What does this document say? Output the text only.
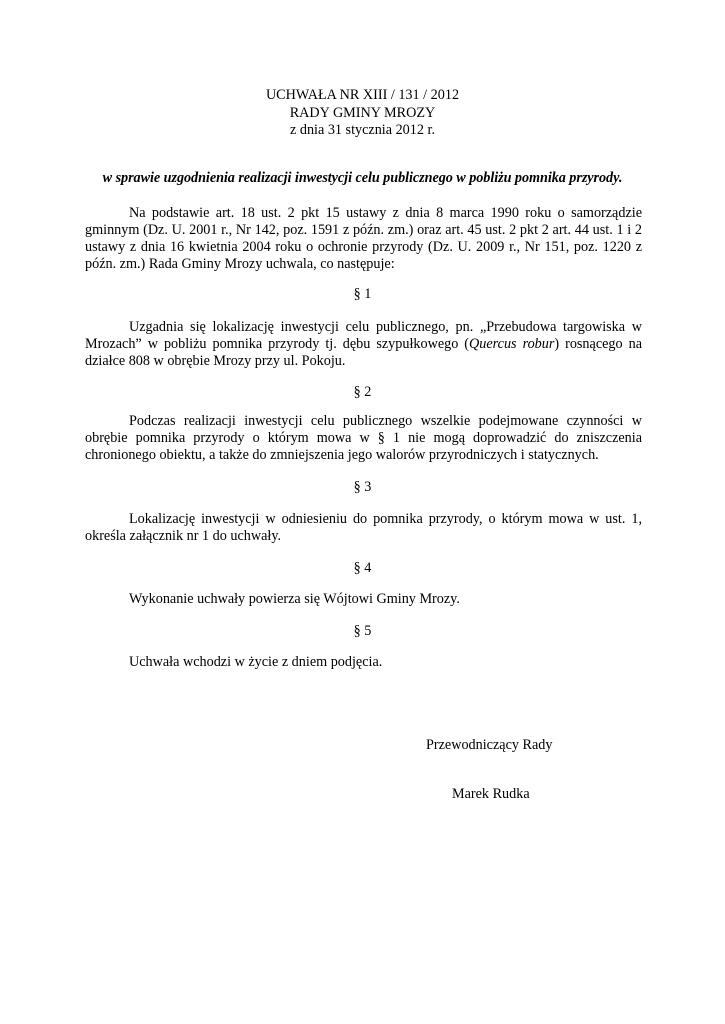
UCHWAŁA NR XIII / 131 / 2012
RADY GMINY MROZY
z dnia 31 stycznia 2012 r.
w sprawie uzgodnienia realizacji inwestycji celu publicznego w pobliżu pomnika przyrody.
Na podstawie art. 18 ust. 2 pkt 15 ustawy z dnia 8 marca 1990 roku o samorządzie gminnym (Dz. U. 2001 r., Nr 142, poz. 1591 z późn. zm.) oraz art. 45 ust. 2 pkt 2 art. 44 ust. 1 i 2 ustawy z dnia 16 kwietnia 2004 roku o ochronie przyrody (Dz. U. 2009 r., Nr 151, poz. 1220 z późn. zm.) Rada Gminy Mrozy uchwala, co następuje:
§ 1
Uzgadnia się lokalizację inwestycji celu publicznego, pn. „Przebudowa targowiska w Mrozach” w pobliżu pomnika przyrody tj. dębu szypułkowego (Quercus robur) rosnącego na działce 808 w obrębie Mrozy przy ul. Pokoju.
§ 2
Podczas realizacji inwestycji celu publicznego wszelkie podejmowane czynności w obrębie pomnika przyrody o którym mowa w § 1 nie mogą doprowadzić do zniszczenia chronionego obiektu, a także do zmniejszenia jego walorów przyrodniczych i statycznych.
§ 3
Lokalizację inwestycji w odniesieniu do pomnika przyrody, o którym mowa w ust. 1, określa załącznik nr 1 do uchwały.
§ 4
Wykonanie uchwały powierza się Wójtowi Gminy Mrozy.
§ 5
Uchwała wchodzi w życie z dniem podjęcia.
Przewodniczący Rady
Marek Rudka
